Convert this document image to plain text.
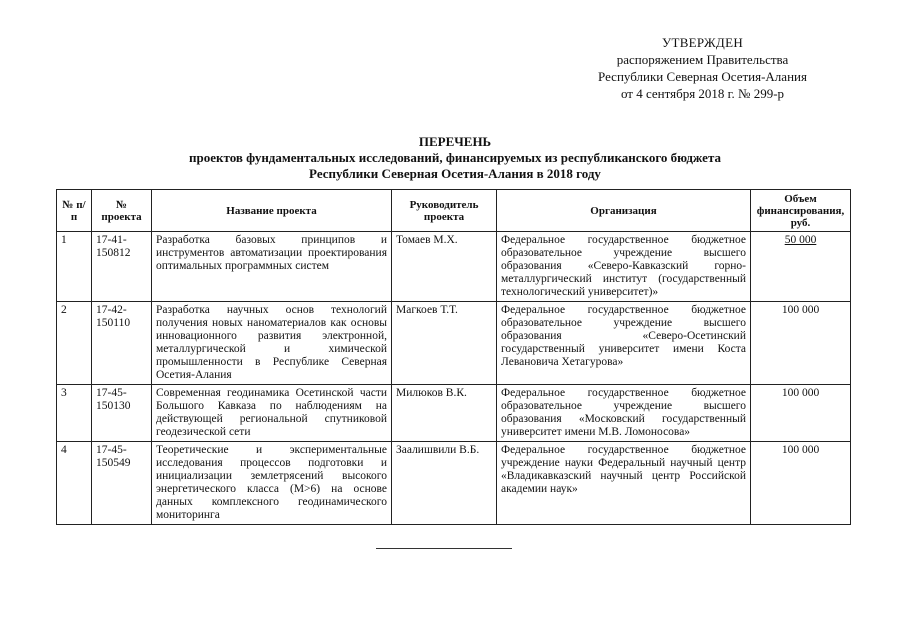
УТВЕРЖДЕН
распоряжением Правительства
Республики Северная Осетия-Алания
от 4 сентября 2018 г. № 299-р
ПЕРЕЧЕНЬ
проектов фундаментальных исследований, финансируемых из республиканского бюджета
Республики Северная Осетия-Алания в 2018 году
№ п/п	№ проекта	Название проекта	Руководитель проекта	Организация	Объем финансирования, руб.
1	17-41-150812	Разработка базовых принципов и инструментов автоматизации проектирования оптимальных программных систем	Томаев М.Х.	Федеральное государственное бюджетное образовательное учреждение высшего образования «Северо-Кавказский горно-металлургический институт (государственный технологический университет)»	50 000
2	17-42-150110	Разработка научных основ технологий получения новых наноматериалов как основы инновационного развития электронной, металлургической и химической промышленности в Республике Северная Осетия-Алания	Магкоев Т.Т.	Федеральное государственное бюджетное образовательное учреждение высшего образования «Северо-Осетинский государственный университет имени Коста Левановича Хетагурова»	100 000
3	17-45-150130	Современная геодинамика Осетинской части Большого Кавказа по наблюдениям на действующей региональной спутниковой геодезической сети	Милюков В.К.	Федеральное государственное бюджетное образовательное учреждение высшего образования «Московский государственный университет имени М.В. Ломоносова»	100 000
4	17-45-150549	Теоретические и экспериментальные исследования процессов подготовки и инициализации землетрясений высокого энергетического класса (М>6) на основе данных комплексного геодинамического мониторинга	Заалишвили В.Б.	Федеральное государственное бюджетное учреждение науки Федеральный научный центр «Владикавказский научный центр Российской академии наук»	100 000
